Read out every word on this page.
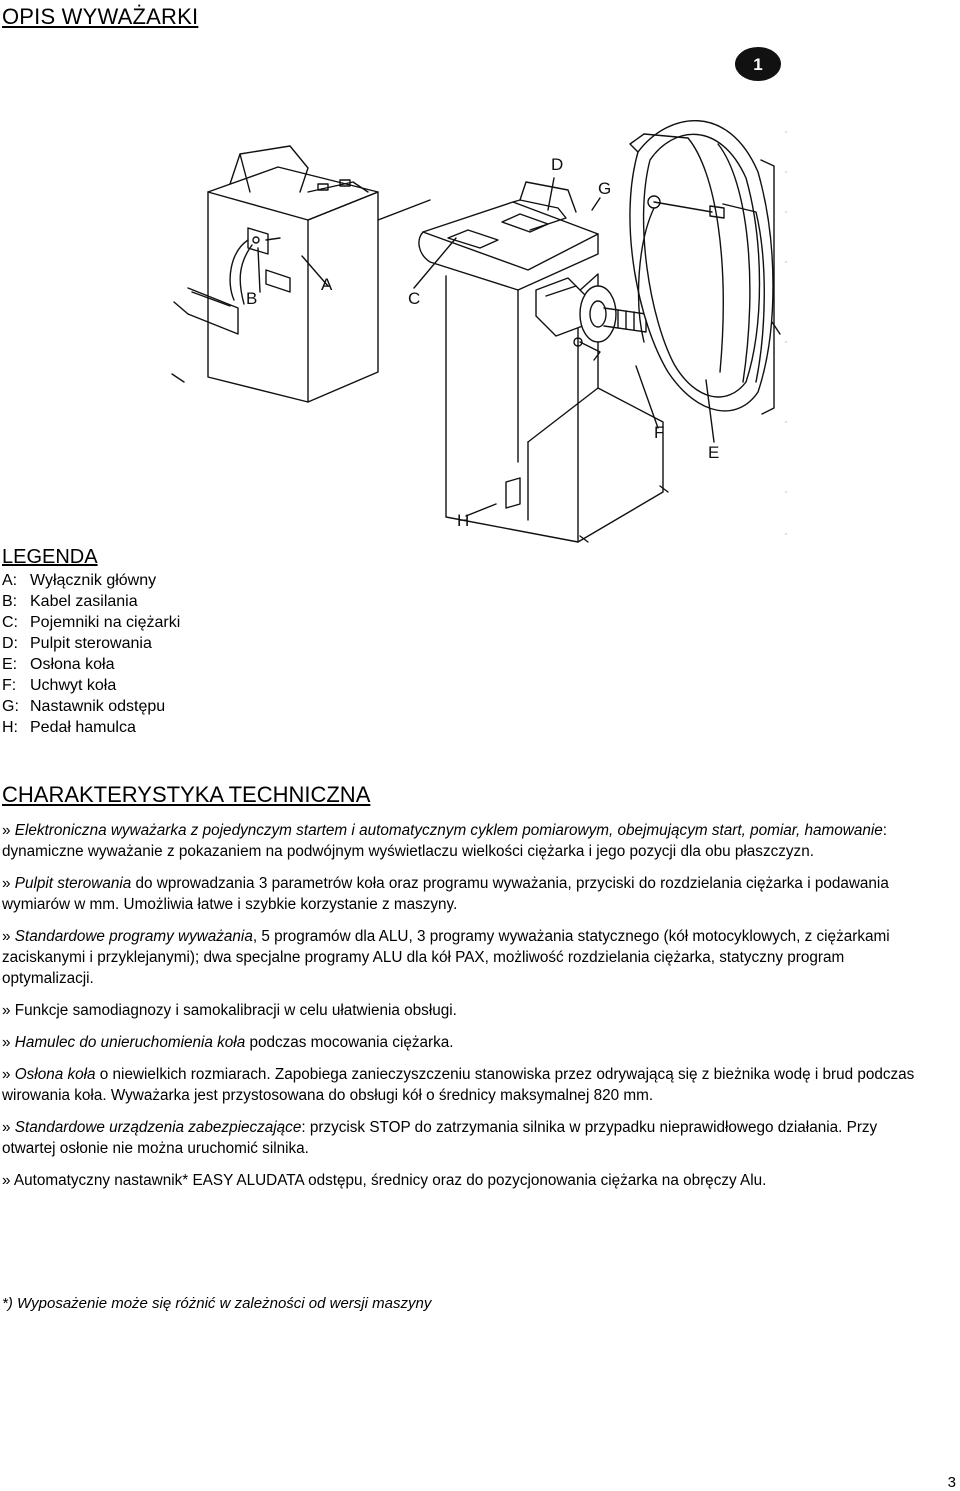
OPIS WYWAŻARKI
1
A
B	C
D
E
F
G
H
LEGENDA
A: Wyłącznik główny
B: Kabel zasilania
C: Pojemniki na ciężarki
D: Pulpit sterowania
E: Osłona koła
F: Uchwyt koła
G: Nastawnik odstępu
H: Pedał hamulca
CHARAKTERYSTYKA TECHNICZNA

» Elektroniczna wyważarka z pojedynczym startem i automatycznym cyklem pomiarowym, obejmującym start, pomiar, hamowanie: dynamiczne wyważanie z pokazaniem na podwójnym wyświetlaczu wielkości ciężarka i jego pozycji dla obu płaszczyzn.

» Pulpit sterowania do wprowadzania 3 parametrów koła oraz programu wyważania, przyciski do rozdzielania ciężarka i podawania wymiarów w mm. Umożliwia łatwe i szybkie korzystanie z maszyny.

» Standardowe programy wyważania, 5 programów dla ALU, 3 programy wyważania statycznego (kół motocyklowych, z ciężarkami zaciskanymi i przyklejanymi); dwa specjalne programy ALU dla kół PAX, możliwość rozdzielania ciężarka, statyczny program optymalizacji.

» Funkcje samodiagnozy i samokalibracji w celu ułatwienia obsługi.

» Hamulec do unieruchomienia koła podczas mocowania ciężarka.

» Osłona koła o niewielkich rozmiarach. Zapobiega zanieczyszczeniu stanowiska przez odrywającą się z bieżnika wodę i brud podczas wirowania koła. Wyważarka jest przystosowana do obsługi kół o średnicy maksymalnej 820 mm.

» Standardowe urządzenia zabezpieczające: przycisk STOP do zatrzymania silnika w przypadku nieprawidłowego działania. Przy otwartej osłonie nie można uruchomić silnika.

» Automatyczny nastawnik* EASY ALUDATA odstępu, średnicy oraz do pozycjonowania ciężarka na obręczy Alu.

*) Wyposażenie może się różnić w zależności od wersji maszyny
3
